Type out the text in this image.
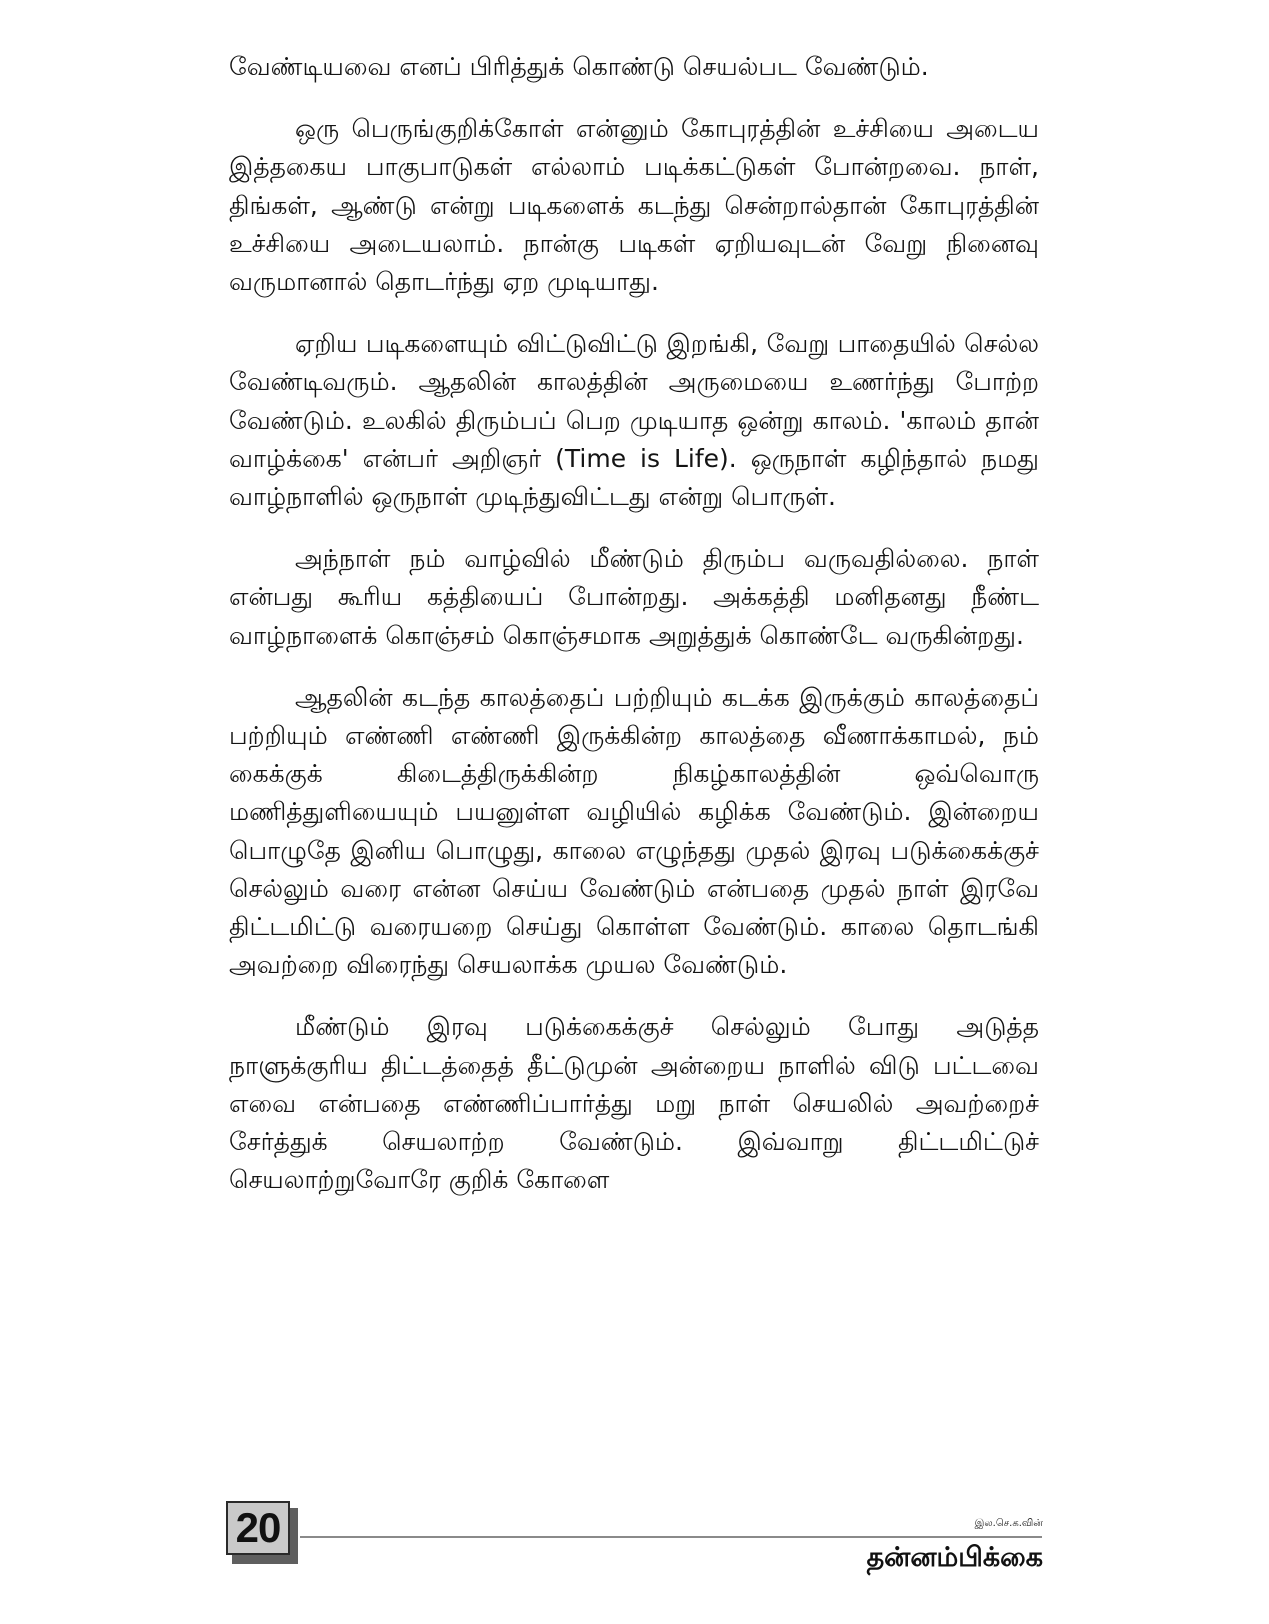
வேண்டியவை எனப் பிரித்துக் கொண்டு செயல்பட வேண்டும்.

ஒரு பெருங்குறிக்கோள் என்னும் கோபுரத்தின் உச்சியை அடைய இத்தகைய பாகுபாடுகள் எல்லாம் படிக்கட்டுகள் போன்றவை. நாள், திங்கள், ஆண்டு என்று படிகளைக் கடந்து சென்றால்தான் கோபுரத்தின் உச்சியை அடையலாம். நான்கு படிகள் ஏறியவுடன் வேறு நினைவு வருமானால் தொடர்ந்து ஏற முடியாது.

ஏறிய படிகளையும் விட்டுவிட்டு இறங்கி, வேறு பாதையில் செல்ல வேண்டிவரும். ஆதலின் காலத்தின் அருமையை உணர்ந்து போற்ற வேண்டும். உலகில் திரும்பப் பெற முடியாத ஒன்று காலம். 'காலம் தான் வாழ்க்கை' என்பர் அறிஞர் (Time is Life). ஒருநாள் கழிந்தால் நமது வாழ்நாளில் ஒருநாள் முடிந்துவிட்டது என்று பொருள்.

அந்நாள் நம் வாழ்வில் மீண்டும் திரும்ப வருவதில்லை. நாள் என்பது கூரிய கத்தியைப் போன்றது. அக்கத்தி மனிதனது நீண்ட வாழ்நாளைக் கொஞ்சம் கொஞ்சமாக அறுத்துக் கொண்டே வருகின்றது.

ஆதலின் கடந்த காலத்தைப் பற்றியும் கடக்க இருக்கும் காலத்தைப் பற்றியும் எண்ணி எண்ணி இருக்கின்ற காலத்தை வீணாக்காமல், நம் கைக்குக் கிடைத்திருக்கின்ற நிகழ்காலத்தின் ஒவ்வொரு மணித்துளியையும் பயனுள்ள வழியில் கழிக்க வேண்டும். இன்றைய பொழுதே இனிய பொழுது, காலை எழுந்தது முதல் இரவு படுக்கைக்குச் செல்லும் வரை என்ன செய்ய வேண்டும் என்பதை முதல் நாள் இரவே திட்டமிட்டு வரையறை செய்து கொள்ள வேண்டும். காலை தொடங்கி அவற்றை விரைந்து செயலாக்க முயல வேண்டும்.

மீண்டும் இரவு படுக்கைக்குச் செல்லும் போது அடுத்த நாளுக்குரிய திட்டத்தைத் தீட்டுமுன் அன்றைய நாளில் விடு பட்டவை எவை என்பதை எண்ணிப்பார்த்து மறு நாள் செயலில் அவற்றைச் சேர்த்துக் செயலாற்ற வேண்டும். இவ்வாறு திட்டமிட்டுச் செயலாற்றுவோரே குறிக் கோளை

20	இல.செ.க.வின்
தன்னம்பிக்கை
